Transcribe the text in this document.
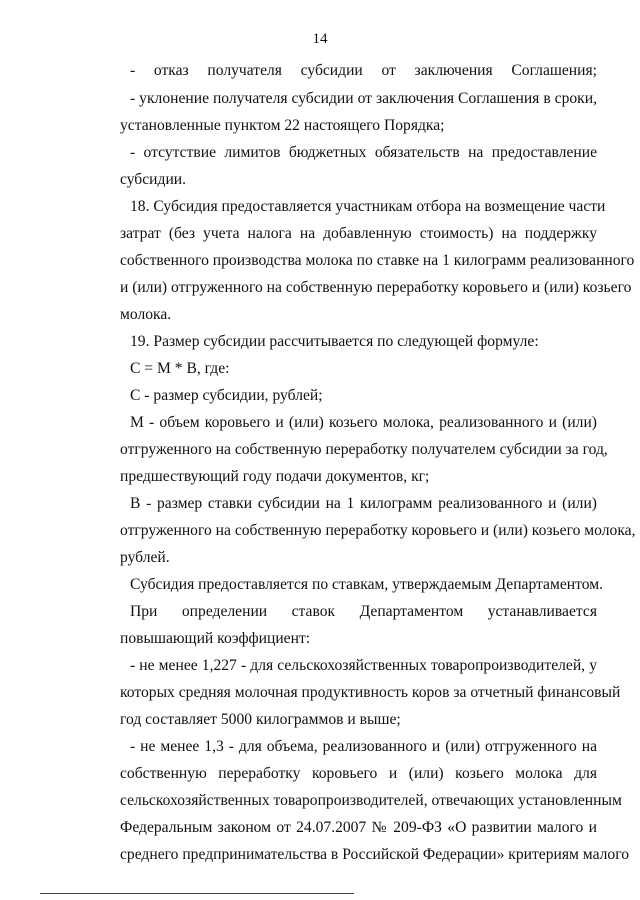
14
- отказ получателя субсидии от заключения Соглашения;
- уклонение получателя субсидии от заключения Соглашения в сроки,
установленные пунктом 22 настоящего Порядка;
- отсутствие лимитов бюджетных обязательств на предоставление
субсидии.
18. Субсидия предоставляется участникам отбора на возмещение части
затрат (без учета налога на добавленную стоимость) на поддержку
собственного производства молока по ставке на 1 килограмм реализованного
и (или) отгруженного на собственную переработку коровьего и (или) козьего
молока.
19. Размер субсидии рассчитывается по следующей формуле:
С = М * В, где:
С - размер субсидии, рублей;
М - объем коровьего и (или) козьего молока, реализованного и (или)
отгруженного на собственную переработку получателем субсидии за год,
предшествующий году подачи документов, кг;
В - размер ставки субсидии на 1 килограмм реализованного и (или)
отгруженного на собственную переработку коровьего и (или) козьего молока,
рублей.
Субсидия предоставляется по ставкам, утверждаемым Департаментом.
При определении ставок Департаментом устанавливается
повышающий коэффициент:
- не менее 1,227 - для сельскохозяйственных товаропроизводителей, у
которых средняя молочная продуктивность коров за отчетный финансовый
год составляет 5000 килограммов и выше;
- не менее 1,3 - для объема, реализованного и (или) отгруженного на
собственную переработку коровьего и (или) козьего молока для
сельскохозяйственных товаропроизводителей, отвечающих установленным
Федеральным законом от 24.07.2007 № 209-ФЗ «О развитии малого и
среднего предпринимательства в Российской Федерации» критериям малого
